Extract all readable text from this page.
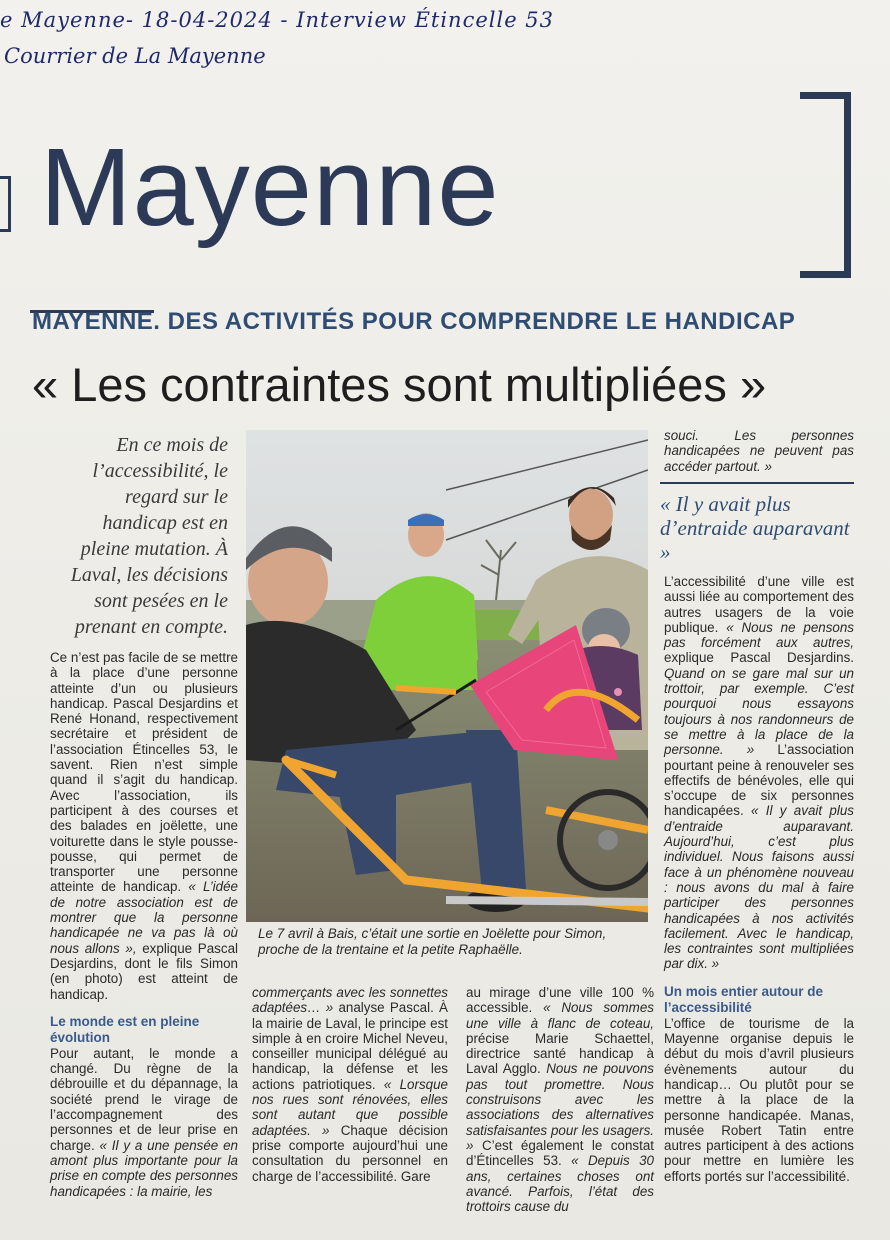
e Mayenne- 18-04-2024 - Interview Étincelle 53
Courrier de La Mayenne
Mayenne
MAYENNE. DES ACTIVITÉS POUR COMPRENDRE LE HANDICAP
« Les contraintes sont multipliées »
En ce mois de l’accessibilité, le regard sur le handicap est en pleine mutation. À Laval, les décisions sont pesées en le prenant en compte.

Ce n’est pas facile de se mettre à la place d’une personne atteinte d’un ou plusieurs handicap. Pascal Desjardins et René Honand, respectivement secrétaire et président de l’association Étincelles 53, le savent. Rien n’est simple quand il s’agit du handicap. Avec l’association, ils participent à des courses et des balades en joëlette, une voiturette dans le style pousse-pousse, qui permet de transporter une personne atteinte de handicap. « L’idée de notre association est de montrer que la personne handicapée ne va pas là où nous allons », explique Pascal Desjardins, dont le fils Simon (en photo) est atteint de handicap.

Le monde est en pleine évolution

Pour autant, le monde a changé. Du règne de la débrouille et du dépannage, la société prend le virage de l’accompagnement des personnes et de leur prise en charge. « Il y a une pensée en amont plus importante pour la prise en compte des personnes handicapées : la mairie, les

Le 7 avril à Bais, c’était une sortie en Joëlette pour Simon, proche de la trentaine et la petite Raphaëlle.

commerçants avec les sonnettes adaptées… » analyse Pascal. À la mairie de Laval, le principe est simple à en croire Michel Neveu, conseiller municipal délégué au handicap, la défense et les actions patriotiques. « Lorsque nos rues sont rénovées, elles sont autant que possible adaptées. » Chaque décision prise comporte aujourd’hui une consultation du personnel en charge de l’accessibilité. Gare

au mirage d’une ville 100 % accessible. « Nous sommes une ville à flanc de coteau, précise Marie Schaettel, directrice santé handicap à Laval Agglo. Nous ne pouvons pas tout promettre. Nous construisons avec les associations des alternatives satisfaisantes pour les usagers. » C’est également le constat d’Étincelles 53. « Depuis 30 ans, certaines choses ont avancé. Parfois, l’état des trottoirs cause du

souci. Les personnes handicapées ne peuvent pas accéder partout. »

« Il y avait plus d’entraide auparavant »

L’accessibilité d’une ville est aussi liée au comportement des autres usagers de la voie publique. « Nous ne pensons pas forcément aux autres, explique Pascal Desjardins. Quand on se gare mal sur un trottoir, par exemple. C’est pourquoi nous essayons toujours à nos randonneurs de se mettre à la place de la personne. » L’association pourtant peine à renouveler ses effectifs de bénévoles, elle qui s’occupe de six personnes handicapées. « Il y avait plus d’entraide auparavant. Aujourd’hui, c’est plus individuel. Nous faisons aussi face à un phénomène nouveau : nous avons du mal à faire participer des personnes handicapées à nos activités facilement. Avec le handicap, les contraintes sont multipliées par dix. »

Un mois entier autour de l’accessibilité

L’office de tourisme de la Mayenne organise depuis le début du mois d’avril plusieurs évènements autour du handicap… Ou plutôt pour se mettre à la place de la personne handicapée. Manas, musée Robert Tatin entre autres participent à des actions pour mettre en lumière les efforts portés sur l’accessibilité.
